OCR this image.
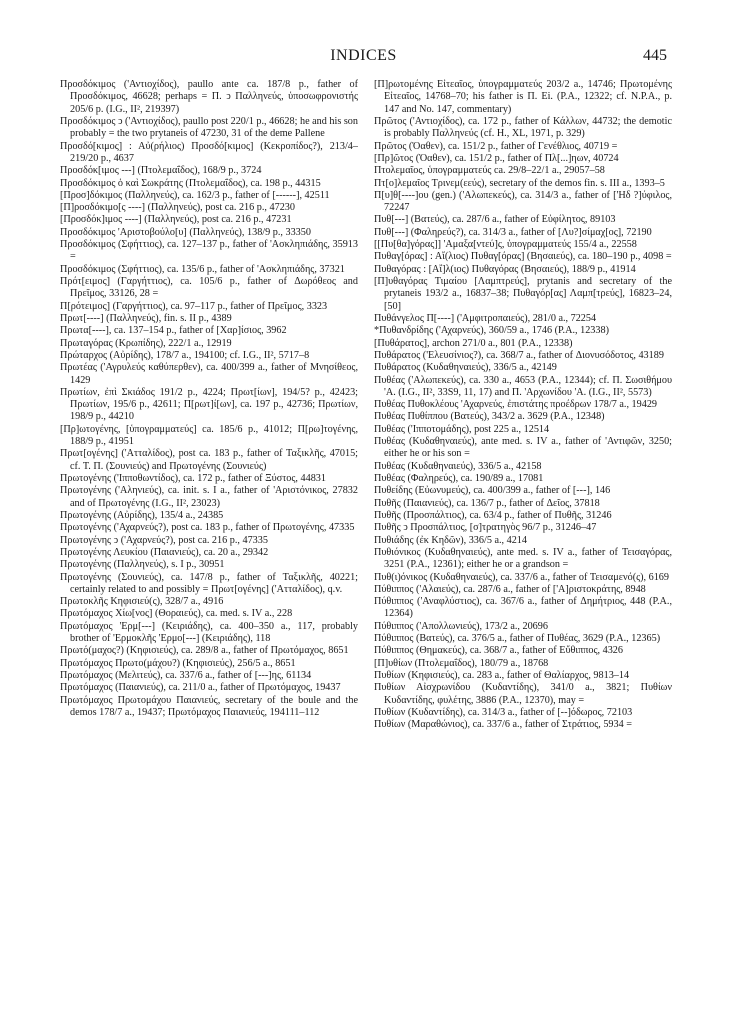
INDICES	445

Προσδόκιμος ('Αντιοχίδος), paullo ante ca. 187/8 p., father of Προσδόκιμος, 46628; perhaps = Π. ͻ Παλληνεύς, ὑποσωφρονιστής 205/6 p. (I.G., II², 219397)

Προσδόκιμος ͻ ('Αντιοχίδος), paullo post 220/1 p., 46628; he and his son probably = the two prytaneis of 47230, 31 of the deme Pallene

Προσδό[κιμος] : Αὐ(ρήλιος) Προσδό[κιμος] (Κεκροπίδος?), 213/4–219/20 p., 4637

Προσδόκ[ιμος ---] (Πτολεμαΐδος), 168/9 p., 3724

Προσδόκιμος ὁ καὶ Σωκράτης (Πτολεμαΐδος), ca. 198 p., 44315

[Προσ]δόκιμος (Παλληνεύς), ca. 162/3 p., father of [------], 42511

[Π]ροσδόκιμο[ς ----] (Παλληνεύς), post ca. 216 p., 47230

[Προσδόκ]ιμος ----] (Παλληνεύς), post ca. 216 p., 47231

Προσδόκιμος 'Αριστοβούλο[υ] (Παλληνεύς), 138/9 p., 33350

Προσδόκιμος (Σφήττιος), ca. 127–137 p., father of 'Ασκληπιάδης, 35913 =

Προσδόκιμος (Σφήττιος), ca. 135/6 p., father of 'Ασκληπιάδης, 37321

Πρότ[ειμος] (Γαργήττιος), ca. 105/6 p., father of Δωρόθεος and Πρεῖμος, 33126, 28 =

Π[ρότειμος] (Γαργήττιος), ca. 97–117 p., father of Πρεῖμος, 3323

Πρωτ[----] (Παλληνεύς), fin. s. II p., 4389

Πρωτα[----], ca. 137–154 p., father of [Χαρ]ίσιος, 3962

Πρωταγόρας (Κρωπίδης), 222/1 a., 12919

Πρώταρχος (Αὐρίδης), 178/7 a., 194100; cf. I.G., II², 5717–8

Πρωτέας ('Αγρυλεύς καθύπερθεν), ca. 400/399 a., father of Μνησίθεος, 1429

Πρωτίων, ἐπὶ Σκιάδος 191/2 p., 4224; Πρωτ[ίων], 194/5? p., 42423; Πρωτίων, 195/6 p., 42611; Π[ρωτ]ί[ων], ca. 197 p., 42736; Πρωτίων, 198/9 p., 44210

[Πρ]ωτογένης, [ὑπογραμματεύς] ca. 185/6 p., 41012; Π[ρω]τογένης, 188/9 p., 41951

Πρωτ[ογένης] ('Ατταλίδος), post ca. 183 p., father of Ταξικλῆς, 47015; cf. T. Π. (Σουνιεύς) and Πρωτογένης (Σουνιεύς)

Πρωτογένης ('Ιπποθωντίδος), ca. 172 p., father of Ξύστος, 44831

Πρωτογένης ('Αληνιεύς), ca. init. s. I a., father of 'Αριστόνικος, 27832 and of Πρωτογένης (I.G., II², 23023)

Πρωτογένης (Αὐρίδης), 135/4 a., 24385

Πρωτογένης ('Αχαρνεύς?), post ca. 183 p., father of Πρωτογένης, 47335

Πρωτογένης ͻ ('Αχαρνεύς?), post ca. 216 p., 47335

Πρωτογένης Λευκίου (Παιανιεύς), ca. 20 a., 29342

Πρωτογένης (Παλληνεύς), s. I p., 30951

Πρωτογένης (Σουνιεύς), ca. 147/8 p., father of Ταξικλῆς, 40221; certainly related to and possibly = Πρωτ[ογένης] ('Ατταλίδος), q.v.

Πρωτοκλῆς Κηφισιεύ(ς), 328/7 a., 4916

Πρωτόμαχος Χίω[νος] (Θοραιεύς), ca. med. s. IV a., 228

Πρωτόμαχος 'Ερμ[---] (Κειριάδης), ca. 400–350 a., 117, probably brother of 'Ερμοκλῆς 'Ερμο[---] (Κειριάδης), 118

Πρωτό(μαχος?) (Κηφισιεύς), ca. 289/8 a., father of Πρωτόμαχος, 8651

Πρωτόμαχος Πρωτο(μάχου?) (Κηφισιεύς), 256/5 a., 8651

Πρωτόμαχος (Μελιτεύς), ca. 337/6 a., father of [---]ης, 61134

Πρωτόμαχος (Παιανιεύς), ca. 211/0 a., father of Πρωτόμαχος, 19437

Πρωτόμαχος Πρωτομάχου Παιανιεύς, secretary of the boule and the demos 178/7 a., 19437; Πρωτόμαχος Παιανιεύς, 194111–112

[Π]ρωτομένης Εἰτεαῖος, ὑπογραμματεύς 203/2 a., 14746; Πρωτομένης Εἰτεαῖος, 14768–70; his father is Π. Ei. (P.A., 12322; cf. N.P.A., p. 147 and No. 147, commentary)

Πρῶτος ('Αντιοχίδος), ca. 172 p., father of Κάλλων, 44732; the demotic is probably Παλληνεύς (cf. H., XL, 1971, p. 329)

Πρῶτος (Ὀαθεν), ca. 151/2 p., father of Γενέθλιος, 40719 =

[Πρ]ῶτος (Ὀαθεν), ca. 151/2 p., father of Πλ[...]ηων, 40724

Πτολεμαῖος, ὑπογραμματεύς ca. 29/8–22/1 a., 29057–58

Πτ[ο]λεμαῖος Τρινεμ(εεύς), secretary of the demos fin. s. III a., 1393–5

Π[υ]θ[----]ου (gen.) ('Αλωπεκεύς), ca. 314/3 a., father of ['Ηδ ?]ύφιλος, 72247

Πυθ[---] (Βατεύς), ca. 287/6 a., father of Εὐφίλητος, 89103

Πυθ[---] (Φαληρεύς?), ca. 314/3 a., father of [Λυ?]σίμαχ[ος], 72190

[[Πυ[θα]γόρας]] 'Αμαξα[ντεύ]ς, ὑπογραμματεύς 155/4 a., 22558

Πυθαγ[όρας] : Αἴ(λιος) Πυθαγ[όρας] (Βησαιεύς), ca. 180–190 p., 4098 =

Πυθαγόρας : [Αἴ]λ(ιος) Πυθαγόρας (Βησαιεύς), 188/9 p., 41914

[Π]υθαγόρας Τιμαίου [Λαμπτρεύς], prytanis and secretary of the prytaneis 193/2 a., 16837–38; Πυθαγόρ[ας] Λαμπ[τρεύς], 16823–24, [50]

Πυθάνγελος Π[----] ('Αμφιτροπαιεύς), 281/0 a., 72254

*Πυθανδρίδης ('Αχαρνεύς), 360/59 a., 1746 (P.A., 12338)

[Πυθάρατος], archon 271/0 a., 801 (P.A., 12338)

Πυθάρατος ('Ελευσίνιος?), ca. 368/7 a., father of Διονυσόδοτος, 43189

Πυθάρατος (Κυδαθηναιεύς), 336/5 a., 42149

Πυθέας ('Αλωπεκεύς), ca. 330 a., 4653 (P.A., 12344); cf. Π. Σωσιθήμου 'Α. (I.G., II², 33S9, 11, 17) and Π. 'Αρχωνίδου 'Α. (I.G., II², 5573)

Πυθέας Πυθοκλέους 'Αχαρνεύς, ἐπιστάτης προέδρων 178/7 a., 19429

Πυθέας Πυθίππου (Βατεύς), 343/2 a. 3629 (P.A., 12348)

Πυθέας ('Ιπποτομάδης), post 225 a., 12514

Πυθέας (Κυδαθηναιεύς), ante med. s. IV a., father of 'Αντιφῶν, 3250; either he or his son =

Πυθέας (Κυδαθηναιεύς), 336/5 a., 42158

Πυθέας (Φαληρεύς), ca. 190/89 a., 17081

Πυθείδης (Εὐωνυμεύς), ca. 400/399 a., father of [---], 146

Πυθῆς (Παιανιεύς), ca. 136/7 p., father of Δεῖος, 37818

Πυθῆς (Προσπάλτιος), ca. 63/4 p., father of Πυθῆς, 31246

Πυθῆς ͻ Προσπάλτιος, [σ]τρατηγὸς 96/7 p., 31246–47

Πυθιάδης (ἐκ Κηδῶν), 336/5 a., 4214

Πυθιόνικος (Κυδαθηναιεύς), ante med. s. IV a., father of Τεισαγόρας, 3251 (P.A., 12361); either he or a grandson =

Πυθ(ι)όνικος (Κυδαθηναιεύς), ca. 337/6 a., father of Τεισαμενό(ς), 6169

Πύθιππος ('Αλαιεύς), ca. 287/6 a., father of ['Α]ριστοκράτης, 8948

Πύθιππος ('Αναφλύστιος), ca. 367/6 a., father of Δημήτριος, 448 (P.A., 12364)

Πύθιππος ('Απολλωνιεύς), 173/2 a., 20696

Πύθιππος (Βατεύς), ca. 376/5 a., father of Πυθέας, 3629 (P.A., 12365)

Πύθιππος (Θημακεύς), ca. 368/7 a., father of Εὔθιππος, 4326

[Π]υθίων (Πτολεμαΐδος), 180/79 a., 18768

Πυθίων (Κηφισιεύς), ca. 283 a., father of Θαλίαρχος, 9813–14

Πυθίων Αἰσχρωνίδου (Κυδαντίδης), 341/0 a., 3821; Πυθίων Κυδαντίδης, φυλέτης, 3886 (P.A., 12370), may =

Πυθίων (Κυδαντίδης), ca. 314/3 a., father of [--]όδωρος, 72103

Πυθίων (Μαραθώνιος), ca. 337/6 a., father of Στράτιος, 5934 =
